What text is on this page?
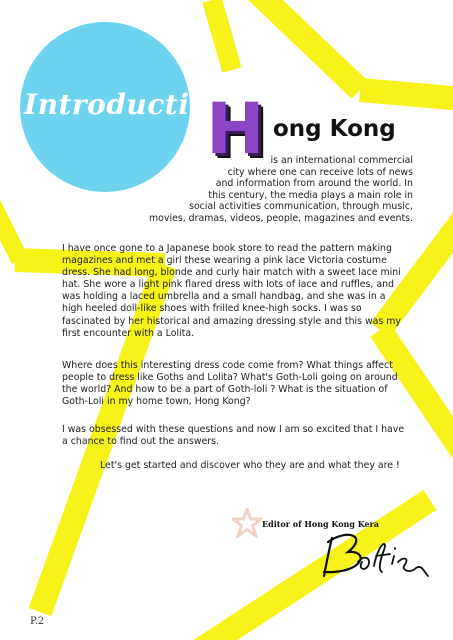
Introduction
H ong Kong
is an international commercial
city where one can receive lots of news
and information from around the world. In
this century, the media plays a main role in
social activities communication, through music,
movies, dramas, videos, people, magazines and events.
I have once gone to a Japanese book store to read the pattern making magazines and met a girl these wearing a pink lace Victoria costume dress. She had long, blonde and curly hair match with a sweet lace mini hat. She wore a light pink flared dress with lots of lace and ruffles, and was holding a laced umbrella and a small handbag, and she was in a high heeled doll-like shoes with frilled knee-high socks. I was so fascinated by her historical and amazing dressing style and this was my first encounter with a Lolita.
Where does this interesting dress code come from? What things affect people to dress like Goths and Lolita? What's Goth-Loli going on around the world? And how to be a part of Goth-loli ? What is the situation of Goth-Loli in my home town, Hong Kong?
I was obsessed with these questions and now I am so excited that I have a chance to find out the answers.
Let's get started and discover who they are and what they are !
Editor of Hong Kong Kera
P.2
